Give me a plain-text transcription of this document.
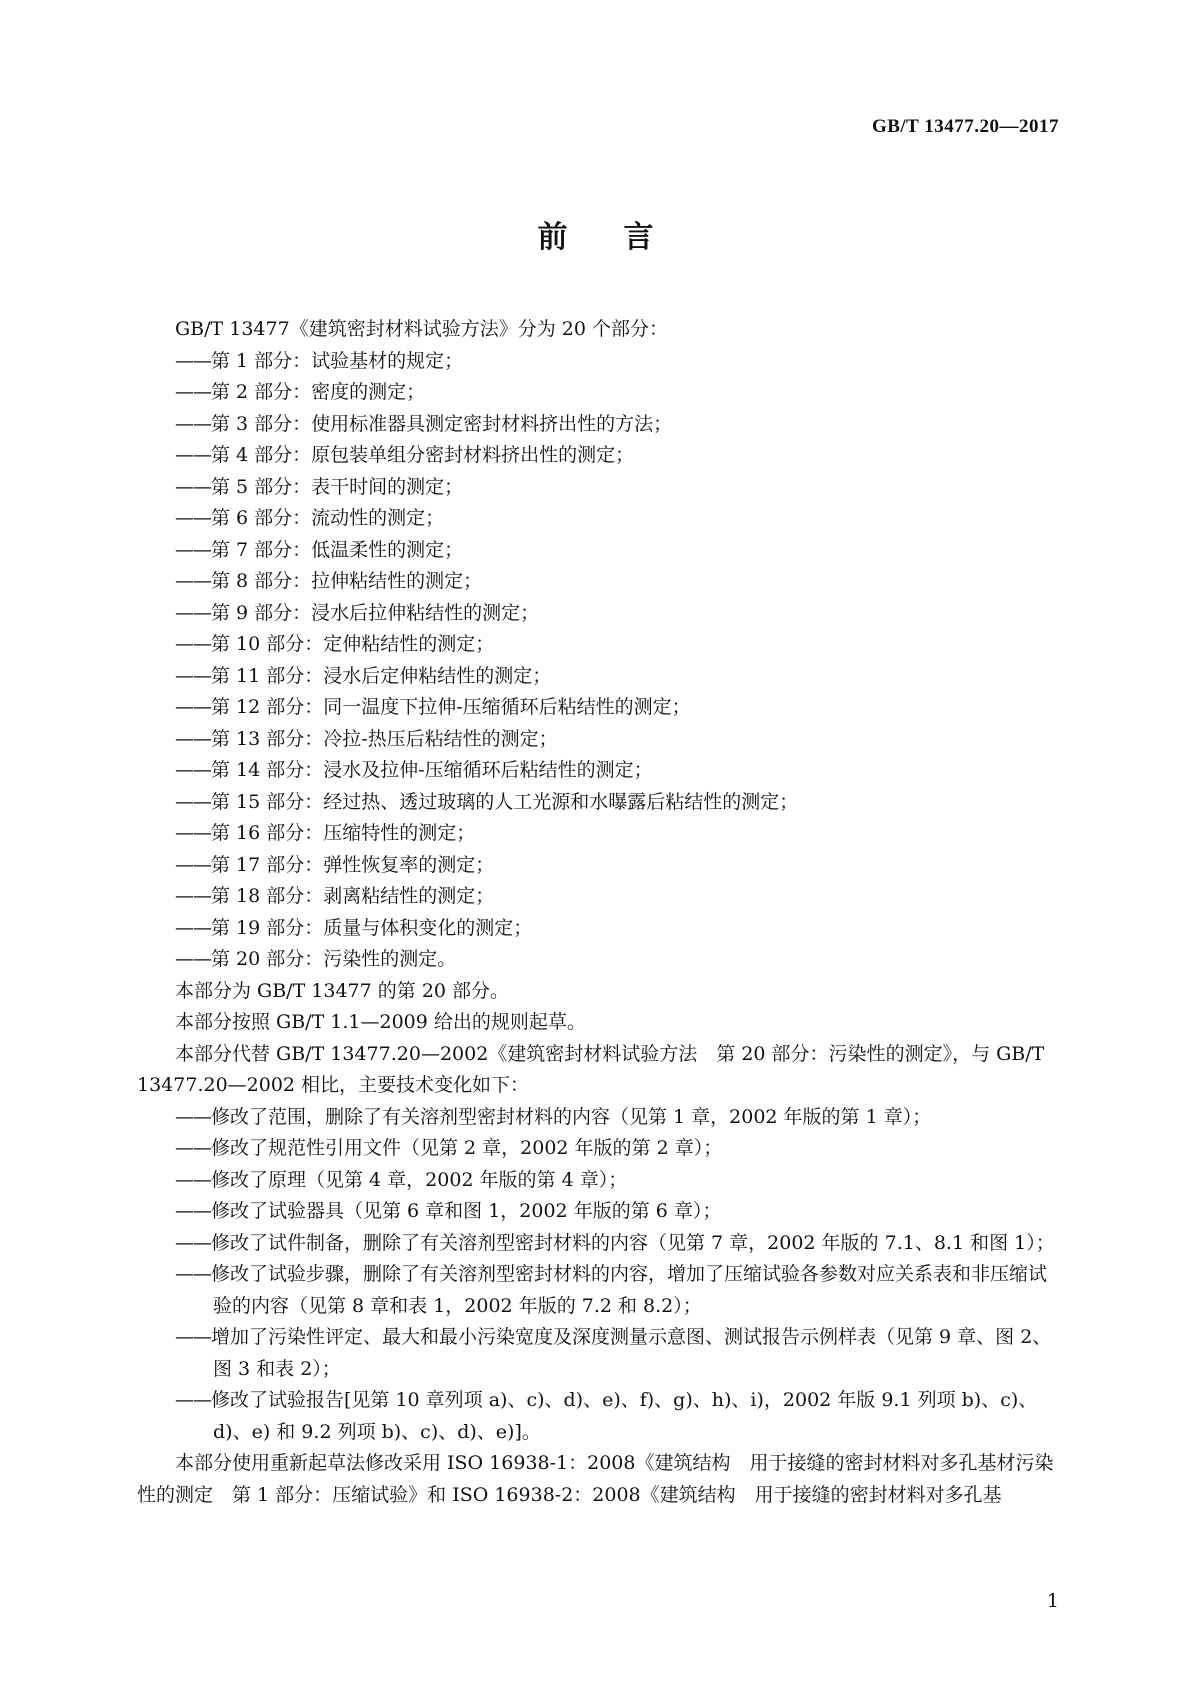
GB/T 13477.20—2017
前言

GB/T 13477《建筑密封材料试验方法》分为 20 个部分：

—— 第 1 部分：试验基材的规定；

—— 第 2 部分：密度的测定；

—— 第 3 部分：使用标准器具测定密封材料挤出性的方法；

—— 第 4 部分：原包装单组分密封材料挤出性的测定；

—— 第 5 部分：表干时间的测定；

—— 第 6 部分：流动性的测定；

—— 第 7 部分：低温柔性的测定；

—— 第 8 部分：拉伸粘结性的测定；

—— 第 9 部分：浸水后拉伸粘结性的测定；

—— 第 10 部分：定伸粘结性的测定；

—— 第 11 部分：浸水后定伸粘结性的测定；

—— 第 12 部分：同一温度下拉伸-压缩循环后粘结性的测定；

—— 第 13 部分：冷拉-热压后粘结性的测定；

—— 第 14 部分：浸水及拉伸-压缩循环后粘结性的测定；

—— 第 15 部分：经过热、透过玻璃的人工光源和水曝露后粘结性的测定；

—— 第 16 部分：压缩特性的测定；

—— 第 17 部分：弹性恢复率的测定；

—— 第 18 部分：剥离粘结性的测定；

—— 第 19 部分：质量与体积变化的测定；

—— 第 20 部分：污染性的测定。

本部分为 GB/T 13477 的第 20 部分。

本部分按照 GB/T 1.1—2009 给出的规则起草。

本部分代替 GB/T 13477.20—2002《建筑密封材料试验方法　第 20 部分：污染性的测定》，与 GB/T 13477.20—2002 相比，主要技术变化如下：

—— 修改了范围，删除了有关溶剂型密封材料的内容（见第 1 章，2002 年版的第 1 章）；

—— 修改了规范性引用文件（见第 2 章，2002 年版的第 2 章）；

—— 修改了原理（见第 4 章，2002 年版的第 4 章）；

—— 修改了试验器具（见第 6 章和图 1，2002 年版的第 6 章）；

—— 修改了试件制备，删除了有关溶剂型密封材料的内容（见第 7 章，2002 年版的 7.1、8.1 和图 1）；

—— 修改了试验步骤，删除了有关溶剂型密封材料的内容，增加了压缩试验各参数对应关系表和非压缩试验的内容（见第 8 章和表 1，2002 年版的 7.2 和 8.2）；

—— 增加了污染性评定、最大和最小污染宽度及深度测量示意图、测试报告示例样表（见第 9 章、图 2、图 3 和表 2）；

—— 修改了试验报告[见第 10 章列项 a)、c)、d)、e)、f)、g)、h)、i)，2002 年版 9.1 列项 b)、c)、d)、e) 和 9.2 列项 b)、c)、d)、e)]。

本部分使用重新起草法修改采用 ISO 16938-1：2008《建筑结构　用于接缝的密封材料对多孔基材污染性的测定　第 1 部分：压缩试验》和 ISO 16938-2：2008《建筑结构　用于接缝的密封材料对多孔基

1
